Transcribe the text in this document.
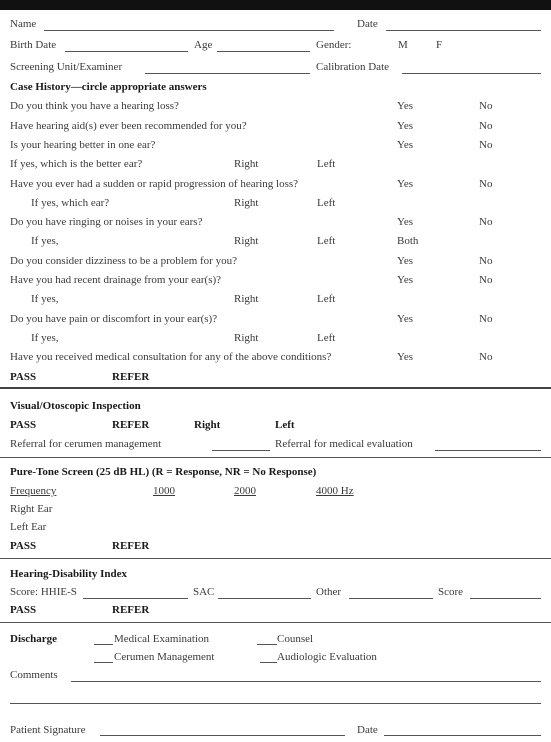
Name	Date
Birth Date	Age	Gender:	M	F
Screening Unit/Examiner	Calibration Date
Case History—circle appropriate answers
Do you think you have a hearing loss?	Yes	No
Have hearing aid(s) ever been recommended for you?	Yes	No
Is your hearing better in one ear?	Yes	No
If yes, which is the better ear?	Right	Left
Have you ever had a sudden or rapid progression of hearing loss?	Yes	No
If yes, which ear?	Right	Left
Do you have ringing or noises in your ears?	Yes	No
If yes,	Right	Left	Both
Do you consider dizziness to be a problem for you?	Yes	No
Have you had recent drainage from your ear(s)?	Yes	No
If yes,	Right	Left
Do you have pain or discomfort in your ear(s)?	Yes	No
If yes,	Right	Left
Have you received medical consultation for any of the above conditions?	Yes	No
PASS	REFER
Visual/Otoscopic Inspection
PASS	REFER	Right	Left
Referral for cerumen management	Referral for medical evaluation
Pure-Tone Screen (25 dB HL) (R = Response, NR = No Response)
Frequency	1000	2000	4000 Hz
Right Ear
Left Ear
PASS	REFER
Hearing-Disability Index
Score: HHIE-S	SAC	Other	Score
PASS	REFER
Discharge	Medical Examination	Counsel
Cerumen Management	Audiologic Evaluation
Comments
Patient Signature	Date
